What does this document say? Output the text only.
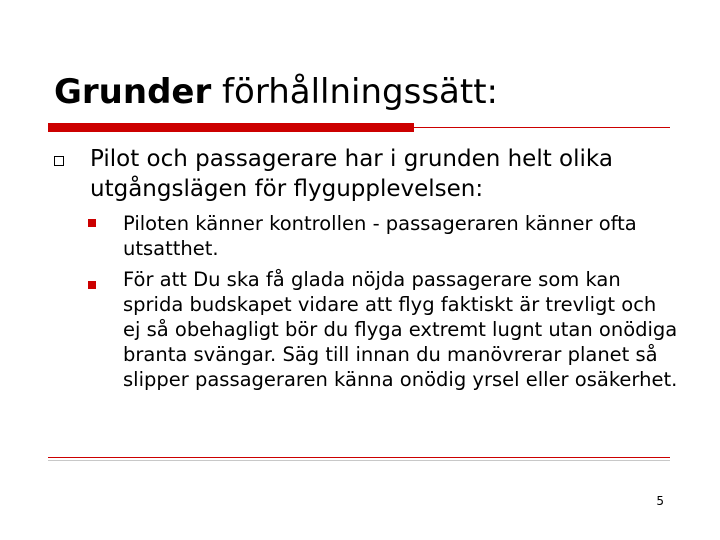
Grunder förhållningssätt:
Pilot och passagerare har i grunden helt olika utgångslägen för flygupplevelsen:
Piloten känner kontrollen - passageraren känner ofta utsatthet.
För att Du ska få glada nöjda passagerare som kan sprida budskapet vidare att flyg faktiskt är trevligt och ej så obehagligt bör du flyga extremt lugnt utan onödiga branta svängar. Säg till innan du manövrerar planet så slipper passageraren känna onödig yrsel eller osäkerhet.
5
